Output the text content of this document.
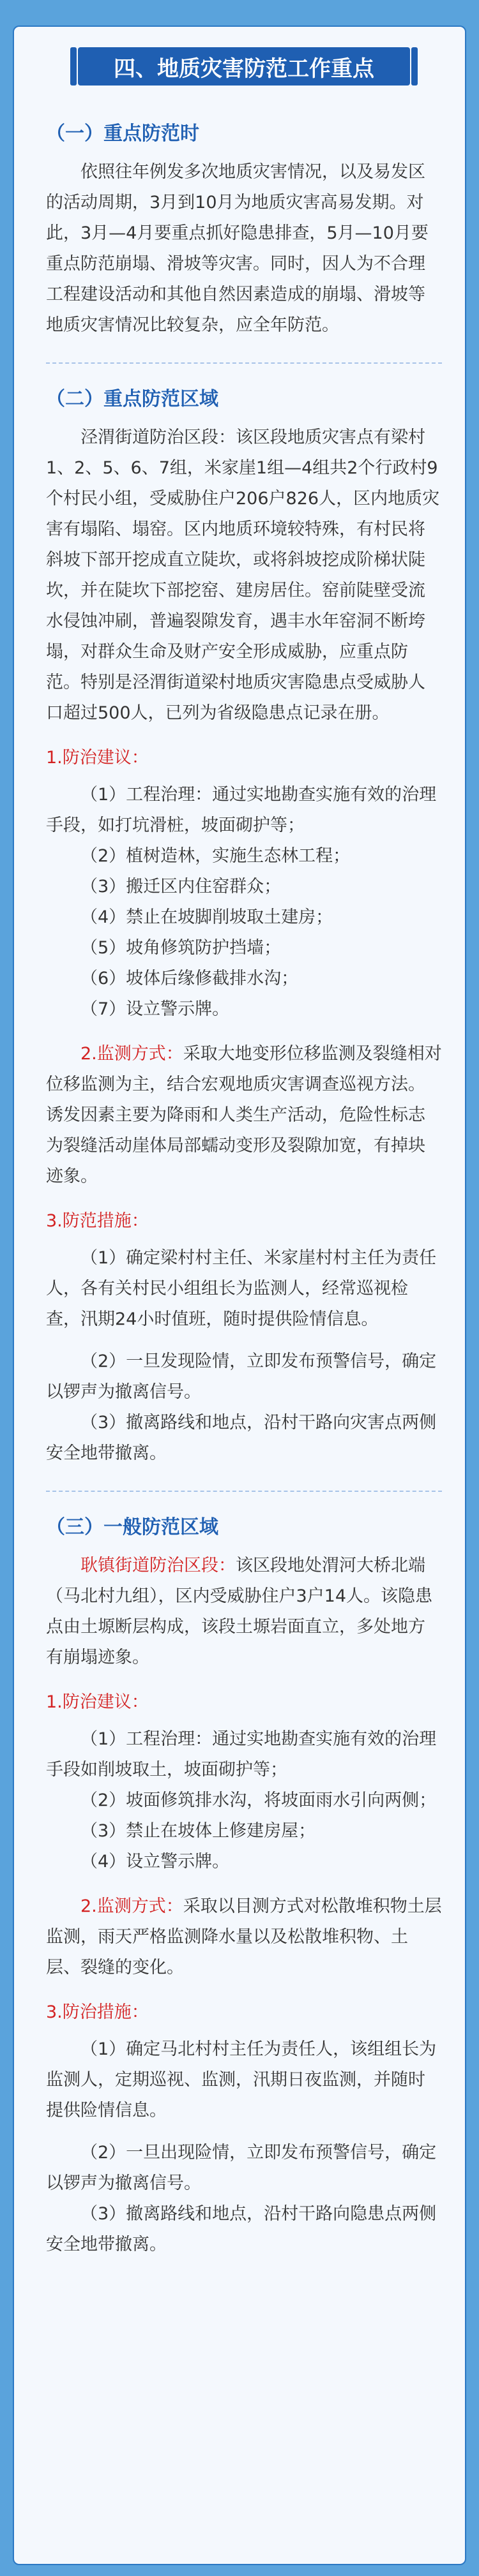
四、地质灾害防范工作重点
（一）重点防范时

依照往年例发多次地质灾害情况，以及易发区的活动周期，3月到10月为地质灾害高易发期。对此，3月—4月要重点抓好隐患排查，5月—10月要重点防范崩塌、滑坡等灾害。同时，因人为不合理工程建设活动和其他自然因素造成的崩塌、滑坡等地质灾害情况比较复杂，应全年防范。

（二）重点防范区域

泾渭街道防治区段：该区段地质灾害点有梁村1、2、5、6、7组，米家崖1组—4组共2个行政村9个村民小组，受威胁住户206户826人，区内地质灾害有塌陷、塌窑。区内地质环境较特殊，有村民将斜坡下部开挖成直立陡坎，或将斜坡挖成阶梯状陡坎，并在陡坎下部挖窑、建房居住。窑前陡壁受流水侵蚀冲刷，普遍裂隙发育，遇丰水年窑洞不断垮塌，对群众生命及财产安全形成威胁，应重点防范。特别是泾渭街道梁村地质灾害隐患点受威胁人口超过500人，已列为省级隐患点记录在册。

1.防治建议：

（1）工程治理：通过实地勘查实施有效的治理手段，如打坑滑桩，坡面砌护等；

（2）植树造林，实施生态林工程；

（3）搬迁区内住窑群众；

（4）禁止在坡脚削坡取土建房；

（5）坡角修筑防护挡墙；

（6）坡体后缘修截排水沟；

（7）设立警示牌。

2.监测方式：采取大地变形位移监测及裂缝相对位移监测为主，结合宏观地质灾害调查巡视方法。诱发因素主要为降雨和人类生产活动，危险性标志为裂缝活动崖体局部蠕动变形及裂隙加宽，有掉块迹象。

3.防范措施：

（1）确定梁村村主任、米家崖村村主任为责任人，各有关村民小组组长为监测人，经常巡视检查，汛期24小时值班，随时提供险情信息。

（2）一旦发现险情，立即发布预警信号，确定以锣声为撤离信号。

（3）撤离路线和地点，沿村干路向灾害点两侧安全地带撤离。

（三）一般防范区域

耿镇街道防治区段：该区段地处渭河大桥北端（马北村九组），区内受威胁住户3户14人。该隐患点由土塬断层构成，该段土塬岩面直立，多处地方有崩塌迹象。

1.防治建议：

（1）工程治理：通过实地勘查实施有效的治理手段如削坡取土，坡面砌护等；

（2）坡面修筑排水沟，将坡面雨水引向两侧；

（3）禁止在坡体上修建房屋；

（4）设立警示牌。

2.监测方式：采取以目测方式对松散堆积物土层监测，雨天严格监测降水量以及松散堆积物、土层、裂缝的变化。

3.防治措施：

（1）确定马北村村主任为责任人，该组组长为监测人，定期巡视、监测，汛期日夜监测，并随时提供险情信息。

（2）一旦出现险情，立即发布预警信号，确定以锣声为撤离信号。

（3）撤离路线和地点，沿村干路向隐患点两侧安全地带撤离。
